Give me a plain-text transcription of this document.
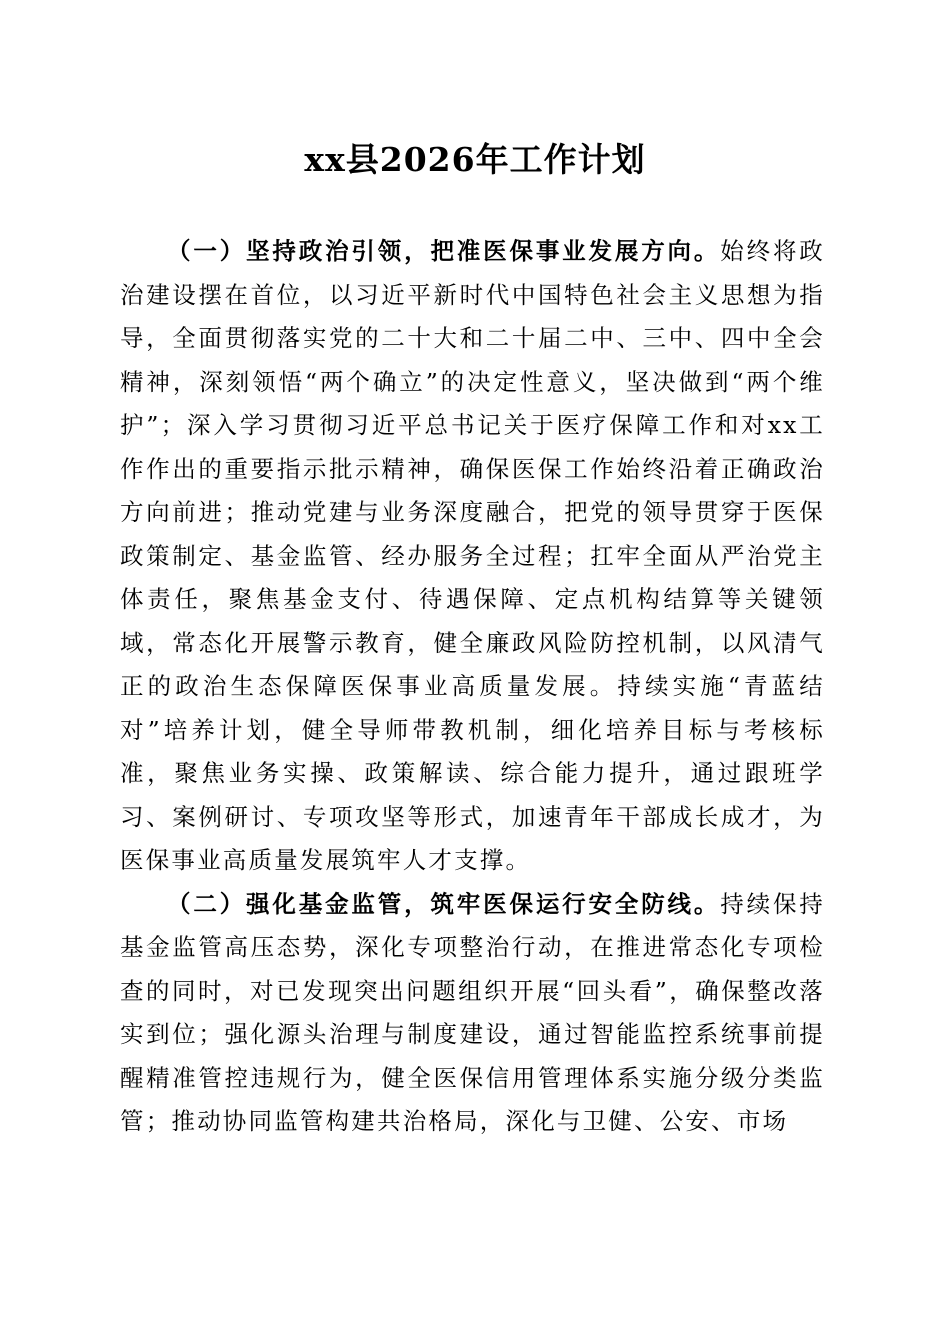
xx县2026年工作计划

（一）坚持政治引领，把准医保事业发展方向。始终将政治建设摆在首位，以习近平新时代中国特色社会主义思想为指导，全面贯彻落实党的二十大和二十届二中、三中、四中全会精神，深刻领悟“两个确立”的决定性意义，坚决做到“两个维护”；深入学习贯彻习近平总书记关于医疗保障工作和对xx工作作出的重要指示批示精神，确保医保工作始终沿着正确政治方向前进；推动党建与业务深度融合，把党的领导贯穿于医保政策制定、基金监管、经办服务全过程；扛牢全面从严治党主体责任，聚焦基金支付、待遇保障、定点机构结算等关键领域，常态化开展警示教育，健全廉政风险防控机制，以风清气正的政治生态保障医保事业高质量发展。持续实施“青蓝结对”培养计划，健全导师带教机制，细化培养目标与考核标准，聚焦业务实操、政策解读、综合能力提升，通过跟班学习、案例研讨、专项攻坚等形式，加速青年干部成长成才，为医保事业高质量发展筑牢人才支撑。

（二）强化基金监管，筑牢医保运行安全防线。持续保持基金监管高压态势，深化专项整治行动，在推进常态化专项检查的同时，对已发现突出问题组织开展“回头看”，确保整改落实到位；强化源头治理与制度建设，通过智能监控系统事前提醒精准管控违规行为，健全医保信用管理体系实施分级分类监管；推动协同监管构建共治格局，深化与卫健、公安、市场
